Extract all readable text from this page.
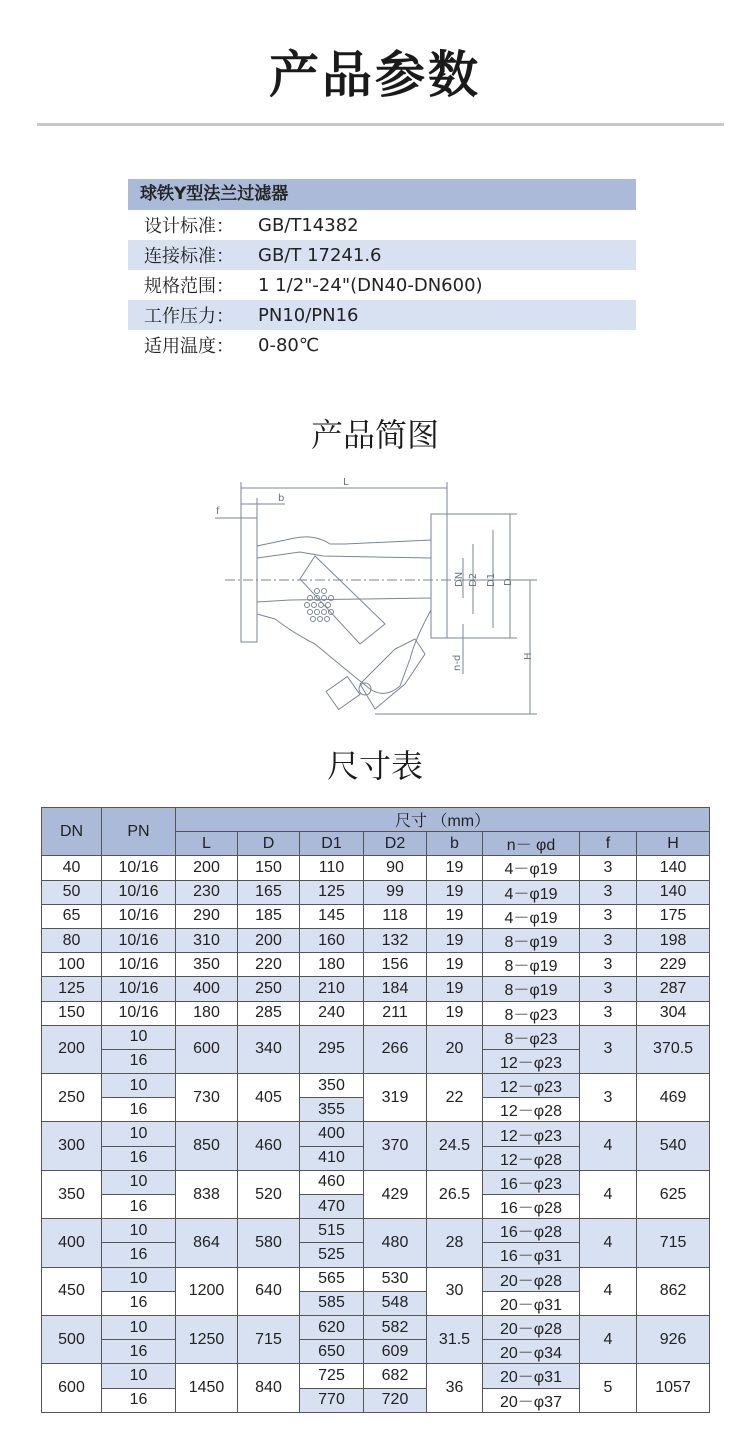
产品参数
球铁Y型法兰过滤器
设计标准：	GB/T14382
连接标准：	GB/T 17241.6
规格范围：	1 1/2"-24"(DN40-DN600)
工作压力：	PN10/PN16
适用温度：	0-80℃
产品简图
L
b
f
DN D2 D1 D
n-d	H
尺寸表
DN	PN	尺寸 （mm）							
		L	D	D1	D2	b	n－ φd	f	H
40	10/16	200	150	110	90	19	4－φ19	3	140
50	10/16	230	165	125	99	19	4－φ19	3	140
65	10/16	290	185	145	118	19	4－φ19	3	175
80	10/16	310	200	160	132	19	8－φ19	3	198
100	10/16	350	220	180	156	19	8－φ19	3	229
125	10/16	400	250	210	184	19	8－φ19	3	287
150	10/16	180	285	240	211	19	8－φ23	3	304
200	10	600	340	295	266	20	8－φ23	3	370.5
	16						12－φ23		
250	10	730	405	350	319	22	12－φ23	3	469
	16			355			12－φ28		
300	10	850	460	400	370	24.5	12－φ23	4	540
	16			410			12－φ28		
350	10	838	520	460	429	26.5	16－φ23	4	625
	16			470			16－φ28		
400	10	864	580	515	480	28	16－φ28	4	715
	16			525			16－φ31		
450	10	1200	640	565	530	30	20－φ28	4	862
	16			585	548		20－φ31		
500	10	1250	715	620	582	31.5	20－φ28	4	926
	16			650	609		20－φ34		
600	10	1450	840	725	682	36	20－φ31	5	1057
	16			770	720		20－φ37		
